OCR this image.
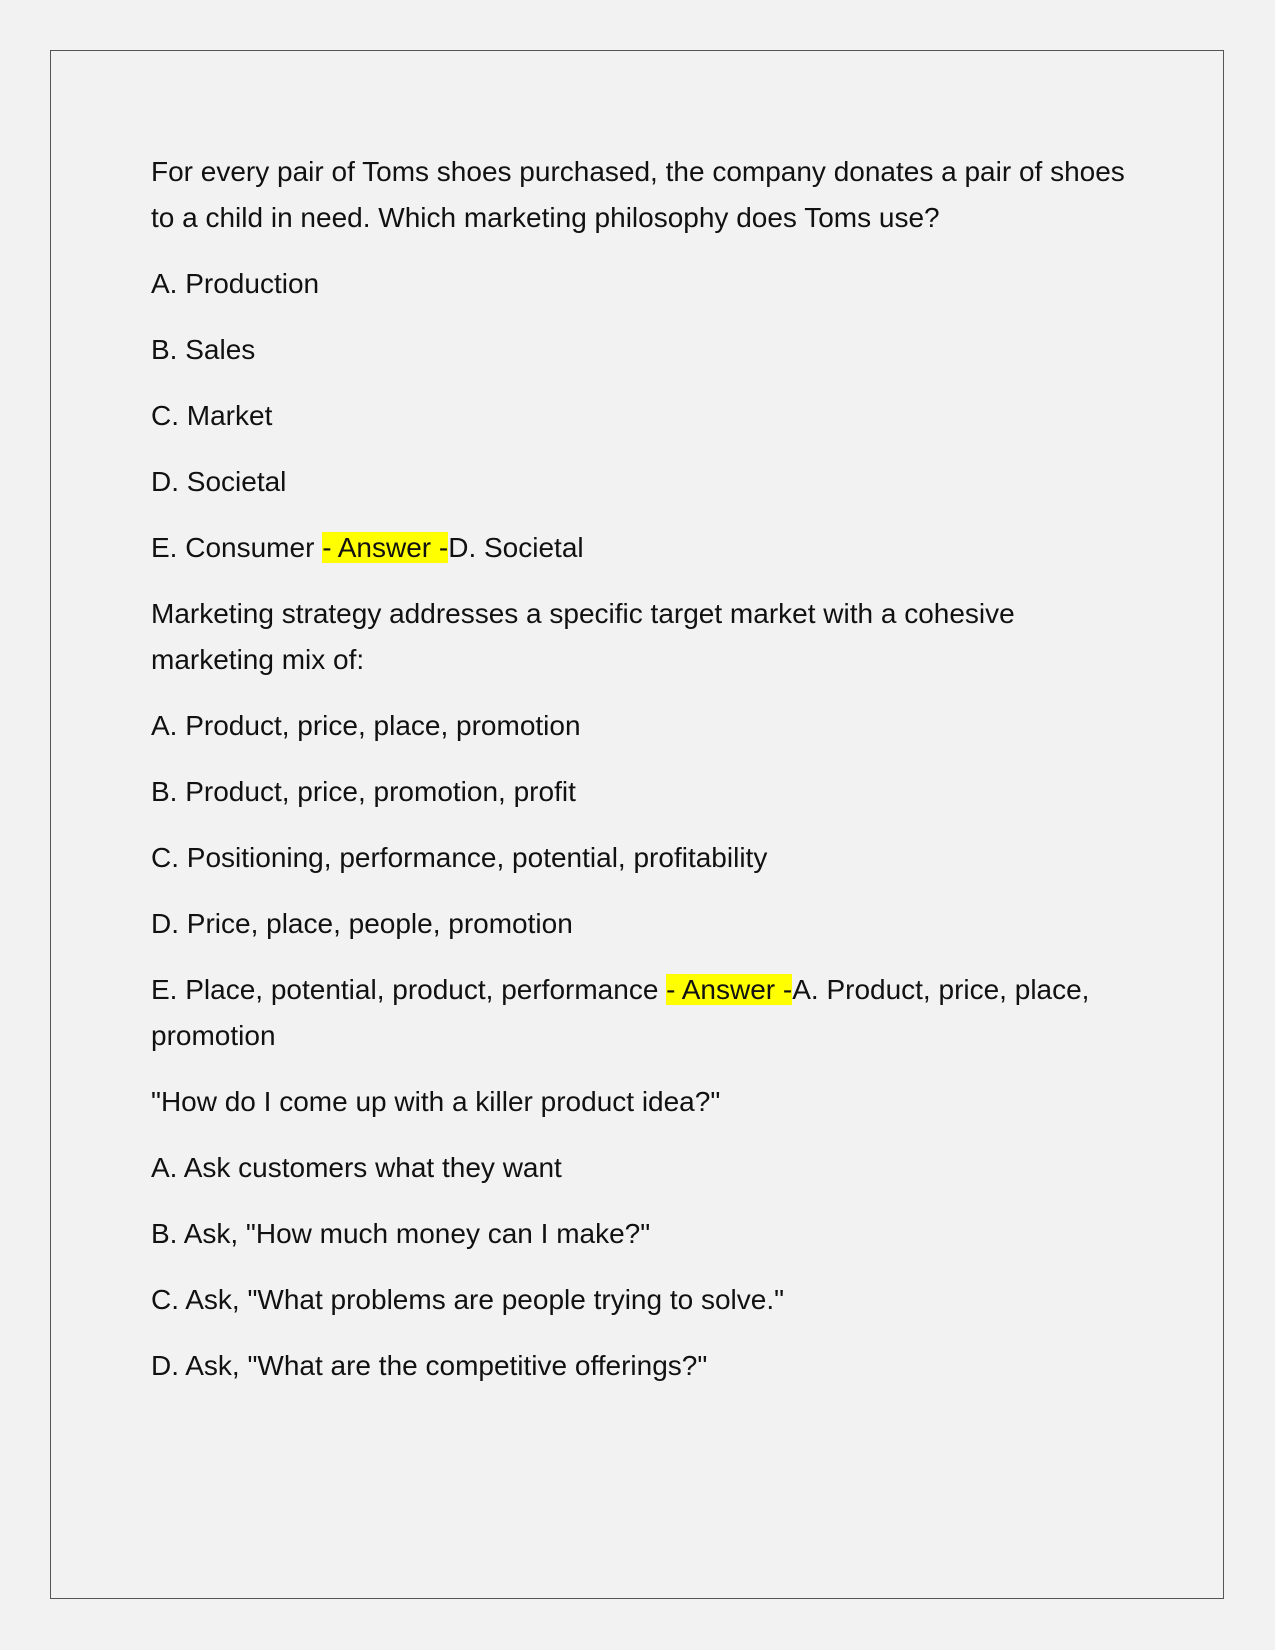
For every pair of Toms shoes purchased, the company donates a pair of shoes to a child in need. Which marketing philosophy does Toms use?

A. Production

B. Sales

C. Market

D. Societal

E. Consumer - Answer -D. Societal

Marketing strategy addresses a specific target market with a cohesive marketing mix of:

A. Product, price, place, promotion

B. Product, price, promotion, profit

C. Positioning, performance, potential, profitability

D. Price, place, people, promotion

E. Place, potential, product, performance - Answer -A. Product, price, place, promotion

"How do I come up with a killer product idea?"

A. Ask customers what they want

B. Ask, "How much money can I make?"

C. Ask, "What problems are people trying to solve."

D. Ask, "What are the competitive offerings?"
